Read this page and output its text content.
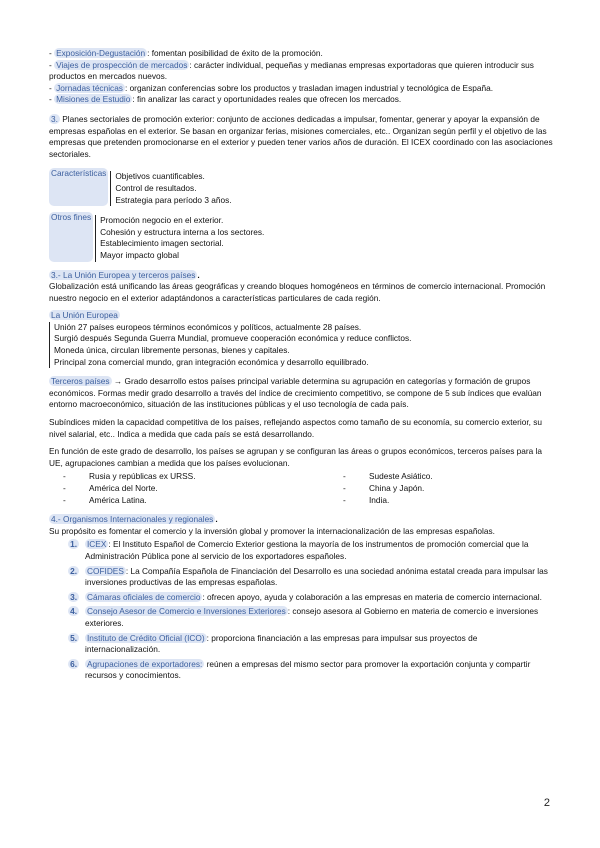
- Exposición-Degustación : fomentan posibilidad de éxito de la promoción.

- Viajes de prospección de mercados : carácter individual, pequeñas y medianas empresas exportadoras que quieren introducir sus productos en mercados nuevos.

- Jornadas técnicas : organizan conferencias sobre los productos y trasladan imagen industrial y tecnológica de España.

- Misiones de Estudio : fin analizar las caract y oportunidades reales que ofrecen los mercados.

3. Planes sectoriales de promoción exterior: conjunto de acciones dedicadas a impulsar, fomentar, generar y apoyar la expansión de empresas españolas en el exterior. Se basan en organizar ferias, misiones comerciales, etc.. Organizan según perfil y el objetivo de las empresas que pretenden promocionarse en el exterior y pueden tener varios años de duración. El ICEX coordinado con las asociaciones sectoriales.

Características Objetivos cuantificables.

Control de resultados.

Estrategia para período 3 años.

Otros fines Promoción negocio en el exterior.

Cohesión y estructura interna a los sectores.

Establecimiento imagen sectorial.

Mayor impacto global

3.- La Unión Europea y terceros países .

Globalización está unificando las áreas geográficas y creando bloques homogéneos en términos de comercio internacional. Promoción nuestro negocio en el exterior adaptándonos a características particulares de cada región.

La Unión Europea

Unión 27 países europeos términos económicos y políticos, actualmente 28 países.

Surgió después Segunda Guerra Mundial, promueve cooperación económica y reduce conflictos.

Moneda única, circulan libremente personas, bienes y capitales.

Principal zona comercial mundo, gran integración económica y desarrollo equilibrado.

Terceros países → Grado desarrollo estos países principal variable determina su agrupación en categorías y formación de grupos económicos. Formas medir grado desarrollo a través del índice de crecimiento competitivo, se compone de 5 sub índices que evalúan entorno macroeconómico, situación de las instituciones públicas y el uso tecnología de cada país.

Subíndices miden la capacidad competitiva de los países, reflejando aspectos como tamaño de su economía, su comercio exterior, su nivel salarial, etc.. Indica a medida que cada país se está desarrollando.

En función de este grado de desarrollo, los países se agrupan y se configuran las áreas o grupos económicos, terceros países para la UE, agrupaciones cambian a medida que los países evolucionan.

-	Rusia y repúblicas ex URSS.
-	América del Norte.
-	América Latina.
-	Sudeste Asiático.
-	China y Japón.
-	India.

4.- Organismos Internacionales y regionales .

Su propósito es fomentar el comercio y la inversión global y promover la internacionalización de las empresas españolas.

1.	ICEX : El Instituto Español de Comercio Exterior gestiona la mayoría de los instrumentos de promoción comercial que la Administración Pública pone al servicio de los exportadores españoles.
2.	COFIDES : La Compañía Española de Financiación del Desarrollo es una sociedad anónima estatal creada para impulsar las inversiones productivas de las empresas españolas.
3.	Cámaras oficiales de comercio : ofrecen apoyo, ayuda y colaboración a las empresas en materia de comercio internacional.
4.	Consejo Asesor de Comercio e Inversiones Exteriores : consejo asesora al Gobierno en materia de comercio e inversiones exteriores.
5.	Instituto de Crédito Oficial (ICO) : proporciona financiación a las empresas para impulsar sus proyectos de internacionalización.
6.	Agrupaciones de exportadores: reúnen a empresas del mismo sector para promover la exportación conjunta y compartir recursos y conocimientos.
2
